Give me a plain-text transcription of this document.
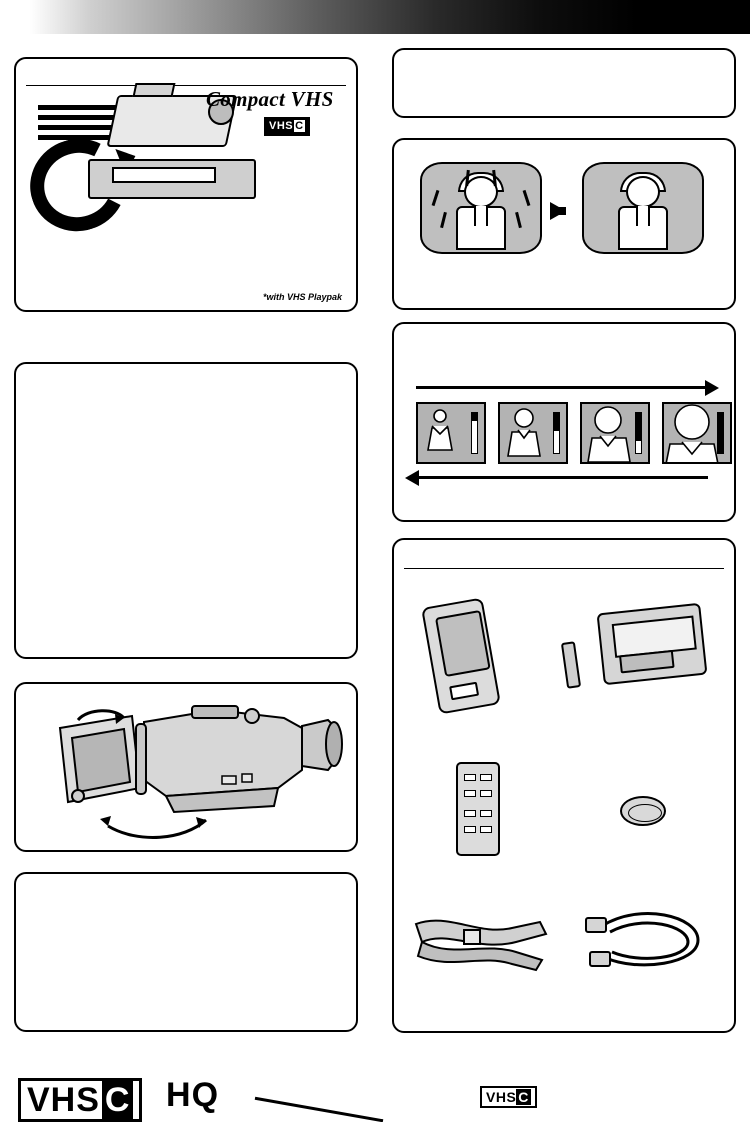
Compact VHS
VHS C
*with VHS Playpak
VHS C	HQ	VHS C
